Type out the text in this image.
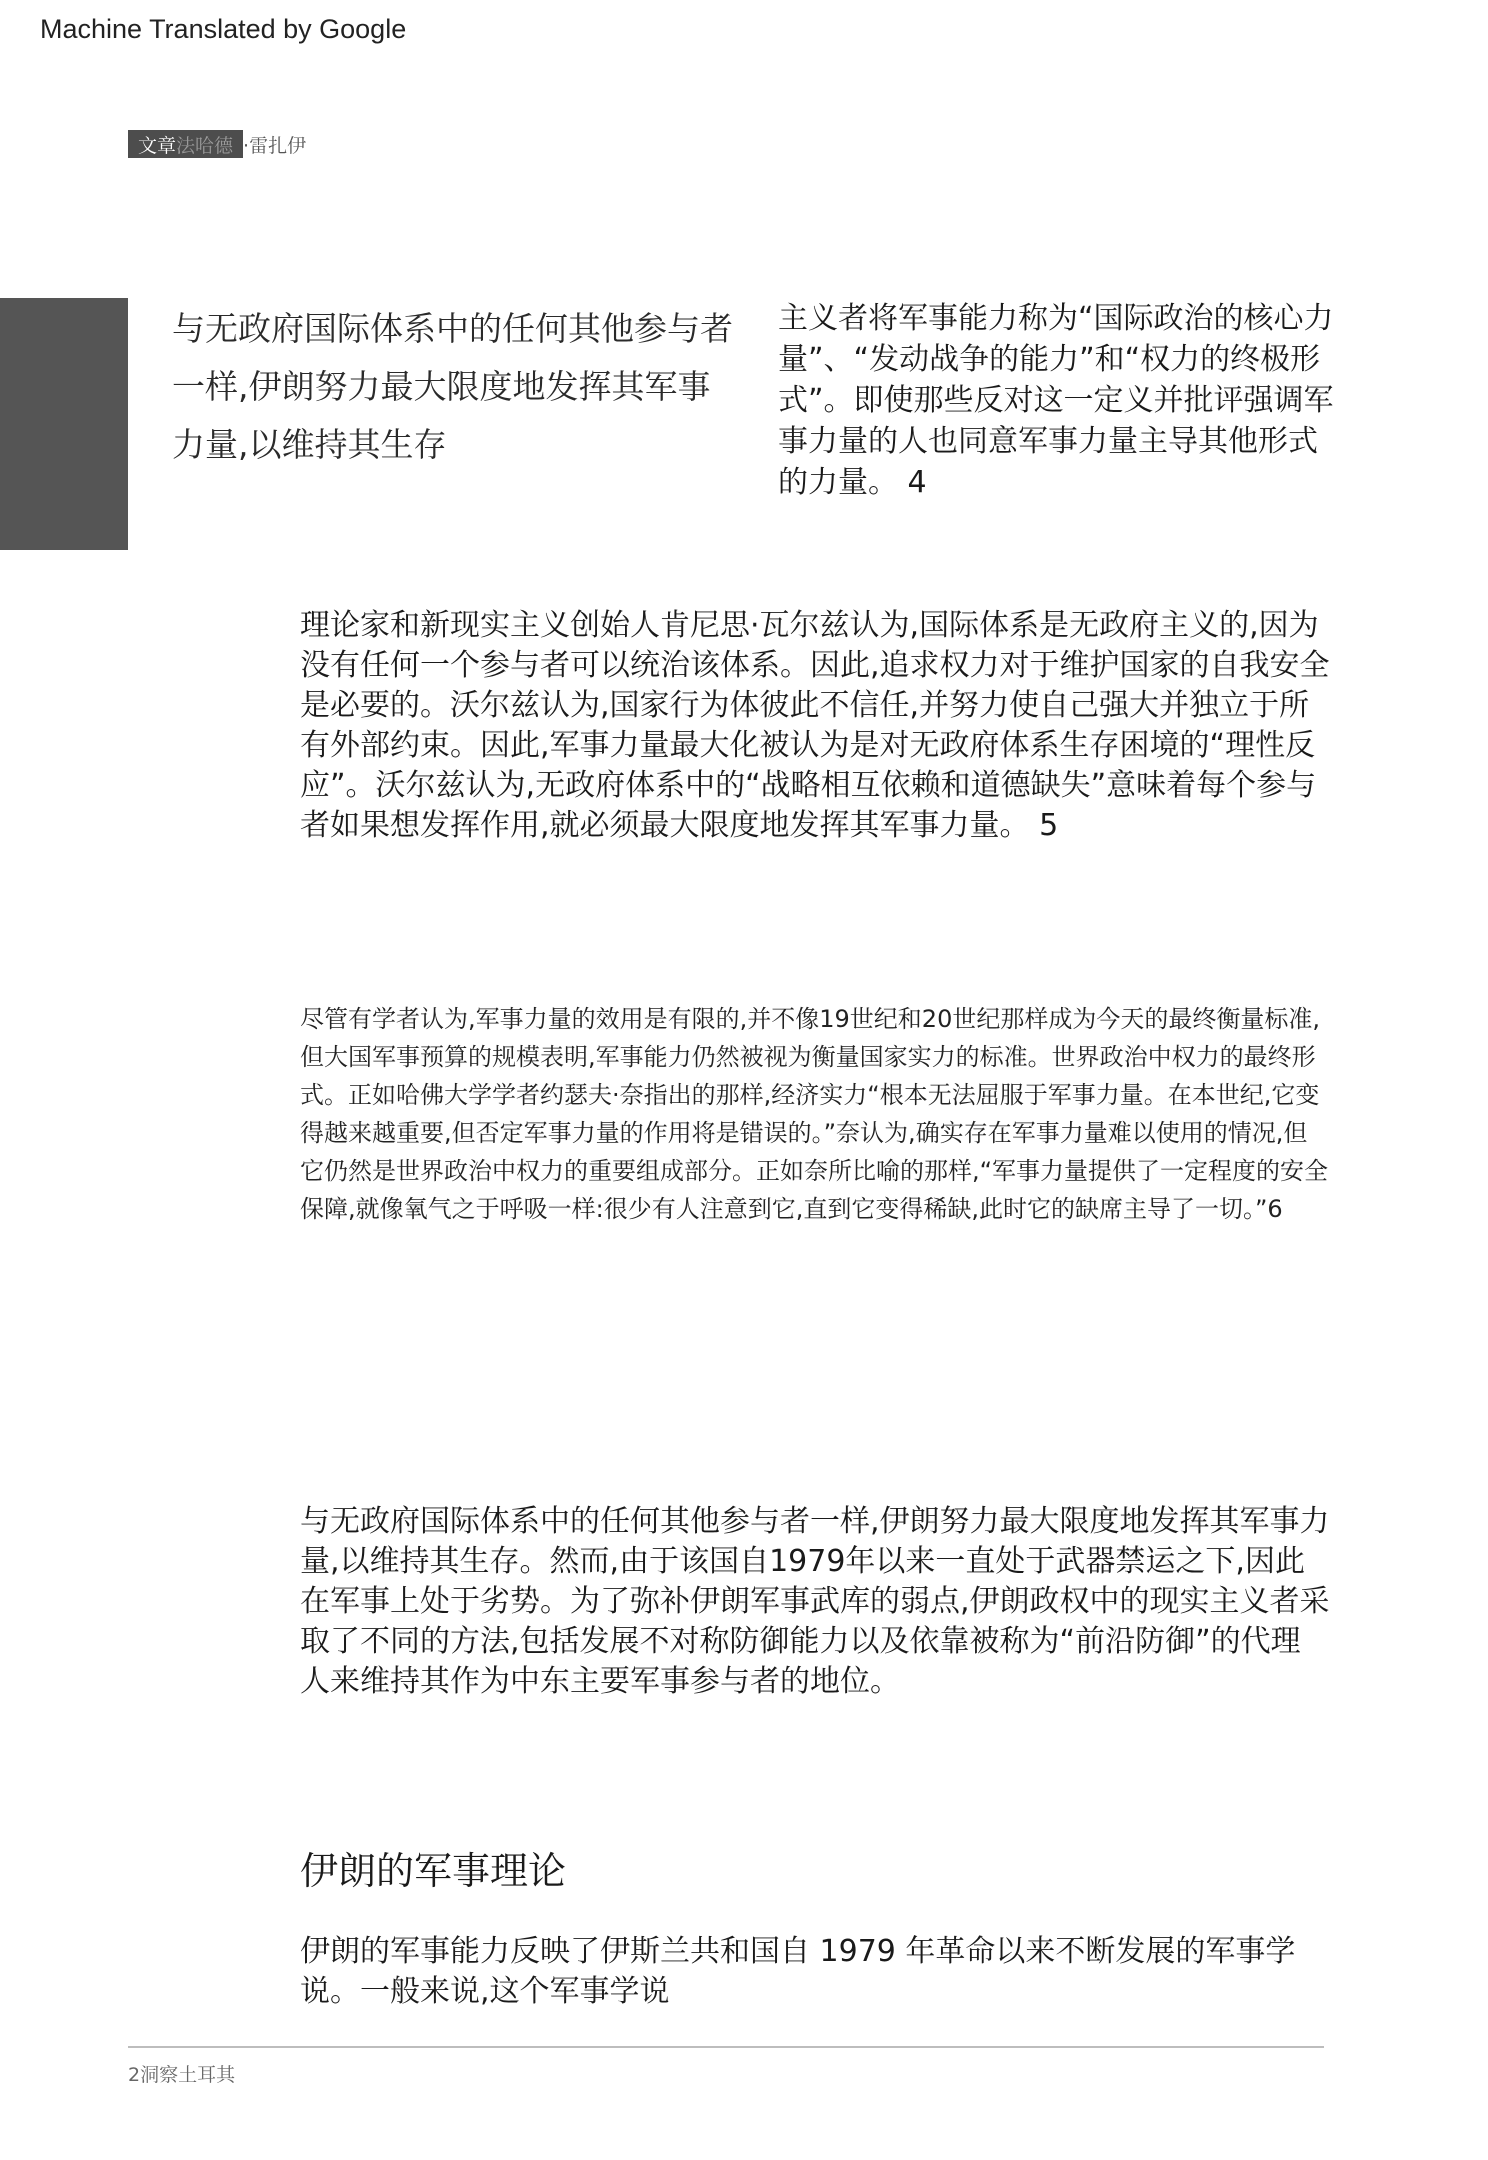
Machine Translated by Google
文章 法哈德 ·雷扎伊
与无政府国际体系中的任何其他参与者一样,伊朗努力最大限度地发挥其军事力量,以维持其生存
主义者将军事能力称为“国际政治的核心力量”、“发动战争的能力”和“权力的终极形式”。即使那些反对这一定义并批评强调军事力量的人也同意军事力量主导其他形式的力量。 4
理论家和新现实主义创始人肯尼思·瓦尔兹认为,国际体系是无政府主义的,因为没有任何一个参与者可以统治该体系。因此,追求权力对于维护国家的自我安全是必要的。沃尔兹认为,国家行为体彼此不信任,并努力使自己强大并独立于所有外部约束。因此,军事力量最大化被认为是对无政府体系生存困境的“理性反应”。沃尔兹认为,无政府体系中的“战略相互依赖和道德缺失”意味着每个参与者如果想发挥作用,就必须最大限度地发挥其军事力量。 5
尽管有学者认为,军事力量的效用是有限的,并不像19世纪和20世纪那样成为今天的最终衡量标准,但大国军事预算的规模表明,军事能力仍然被视为衡量国家实力的标准。世界政治中权力的最终形式。正如哈佛大学学者约瑟夫·奈指出的那样,经济实力“根本无法屈服于军事力量。在本世纪,它变得越来越重要,但否定军事力量的作用将是错误的。”奈认为,确实存在军事力量难以使用的情况,但它仍然是世界政治中权力的重要组成部分。正如奈所比喻的那样,“军事力量提供了一定程度的安全保障,就像氧气之于呼吸一样:很少有人注意到它,直到它变得稀缺,此时它的缺席主导了一切。”6
与无政府国际体系中的任何其他参与者一样,伊朗努力最大限度地发挥其军事力量,以维持其生存。然而,由于该国自1979年以来一直处于武器禁运之下,因此在军事上处于劣势。为了弥补伊朗军事武库的弱点,伊朗政权中的现实主义者采取了不同的方法,包括发展不对称防御能力以及依靠被称为“前沿防御”的代理人来维持其作为中东主要军事参与者的地位。
伊朗的军事理论
伊朗的军事能力反映了伊斯兰共和国自 1979 年革命以来不断发展的军事学说。一般来说,这个军事学说
2洞察土耳其
